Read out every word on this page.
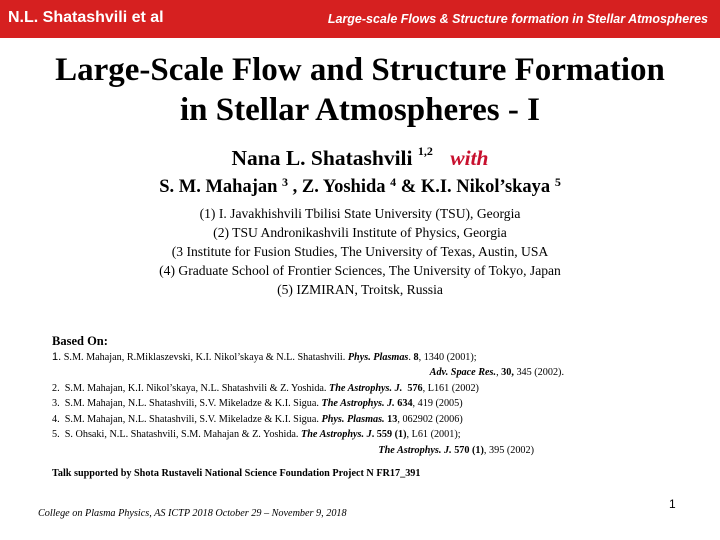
N.L. Shatashvili et al	Large-scale Flows & Structure formation in Stellar Atmospheres
Large-Scale Flow and Structure Formation
in Stellar Atmospheres - I
Nana L. Shatashvili $^{1,2}$ with
S. M. Mahajan $^3$ , Z. Yoshida $^4$ & K.I. Nikol’skaya $^5$
(1) I. Javakhishvili Tbilisi State University (TSU), Georgia
(2) TSU Andronikashvili Institute of Physics, Georgia
(3 Institute for Fusion Studies, The University of Texas, Austin, USA
(4) Graduate School of Frontier Sciences, The University of Tokyo, Japan
(5) IZMIRAN, Troitsk, Russia
Based On:
1. S.M. Mahajan, R.Miklaszevski, K.I. Nikol’skaya & N.L. Shatashvili. Phys. Plasmas. 8, 1340 (2001);
Adv. Space Res., 30, 345 (2002).
2. S.M. Mahajan, K.I. Nikol’skaya, N.L. Shatashvili & Z. Yoshida. The Astrophys. J. 576, L161 (2002)
3. S.M. Mahajan, N.L. Shatashvili, S.V. Mikeladze & K.I. Sigua. The Astrophys. J. 634, 419 (2005)
4. S.M. Mahajan, N.L. Shatashvili, S.V. Mikeladze & K.I. Sigua. Phys. Plasmas. 13, 062902 (2006)
5. S. Ohsaki, N.L. Shatashvili, S.M. Mahajan & Z. Yoshida. The Astrophys. J. 559 (1), L61 (2001);
The Astrophys. J. 570 (1), 395 (2002)
Talk supported by Shota Rustaveli National Science Foundation Project N FR17_391
1
College on Plasma Physics, AS ICTP 2018 October 29 – November 9, 2018
